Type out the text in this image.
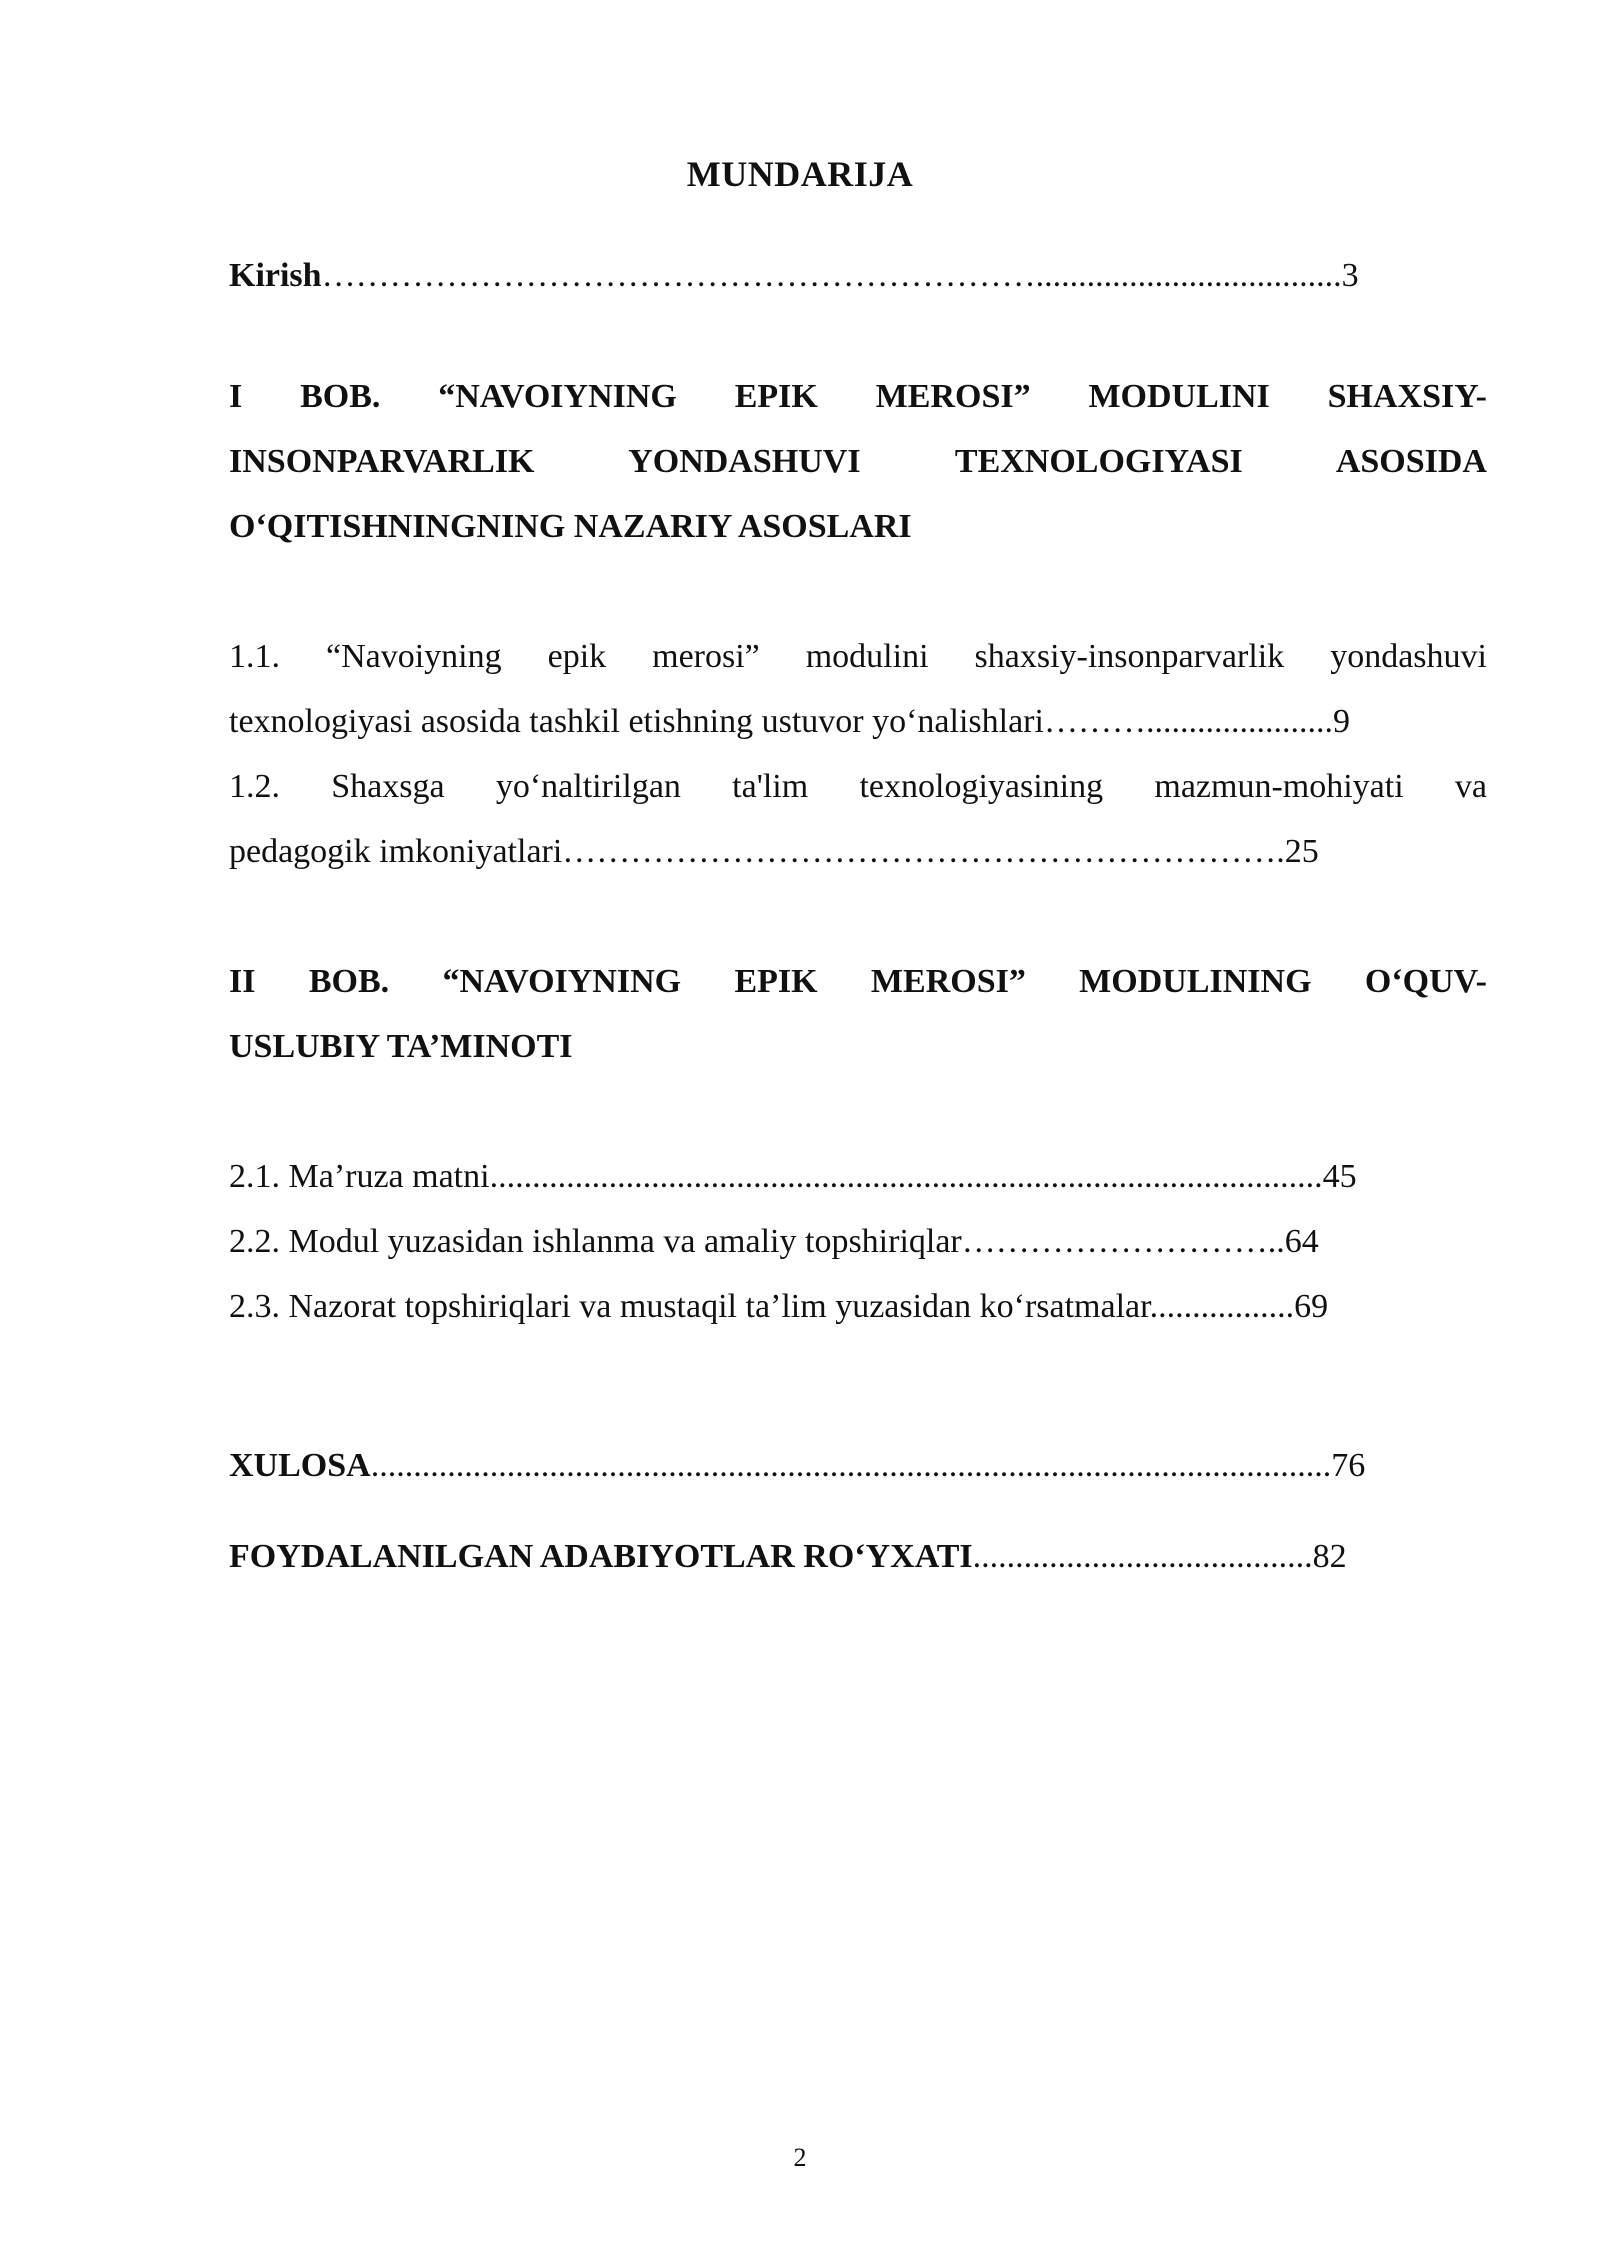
MUNDARIJA
Kirish………………………………………………………....................................3
I BOB. “NAVOIYNING EPIK MEROSI” MODULINI SHAXSIY-
INSONPARVARLIK YONDASHUVI TEXNOLOGIYASI ASOSIDA
O‘QITISHNINGNING NAZARIY ASOSLARI
1.1. “Navoiyning epik merosi” modulini shaxsiy-insonparvarlik yondashuvi
texnologiyasi asosida tashkil etishning ustuvor yo‘nalishlari………......................9
1.2. Shaxsga yo‘naltirilgan ta'lim texnologiyasining mazmun-mohiyati va
pedagogik imkoniyatlari……………………………………………………….25
II BOB. “NAVOIYNING EPIK MEROSI” MODULINING O‘QUV-
USLUBIY TA’MINOTI
2.1. Ma’ruza matni..................................................................................................45
2.2. Modul yuzasidan ishlanma va amaliy topshiriqlar………………………..64
2.3. Nazorat topshiriqlari va mustaqil ta’lim yuzasidan ko‘rsatmalar.................69
XULOSA.................................................................................................................76
FOYDALANILGAN ADABIYOTLAR RO‘YXATI........................................82
2
